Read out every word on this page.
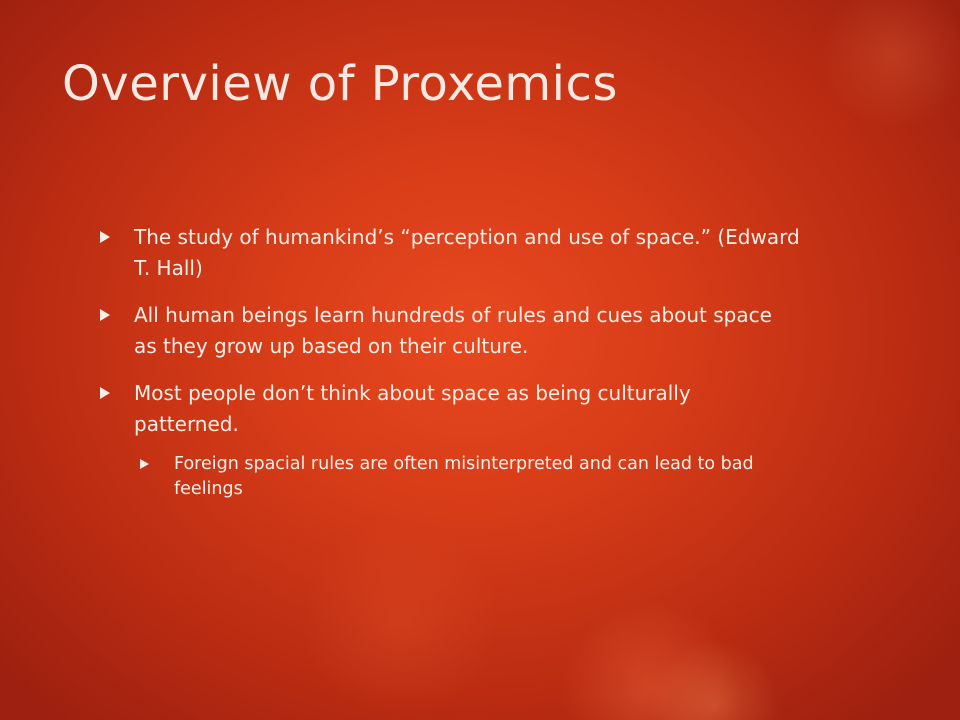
Overview of Proxemics
The study of humankind’s “perception and use of space.” (Edward T. Hall)
All human beings learn hundreds of rules and cues about space as they grow up based on their culture.
Most people don’t think about space as being culturally patterned.
Foreign spacial rules are often misinterpreted and can lead to bad feelings
